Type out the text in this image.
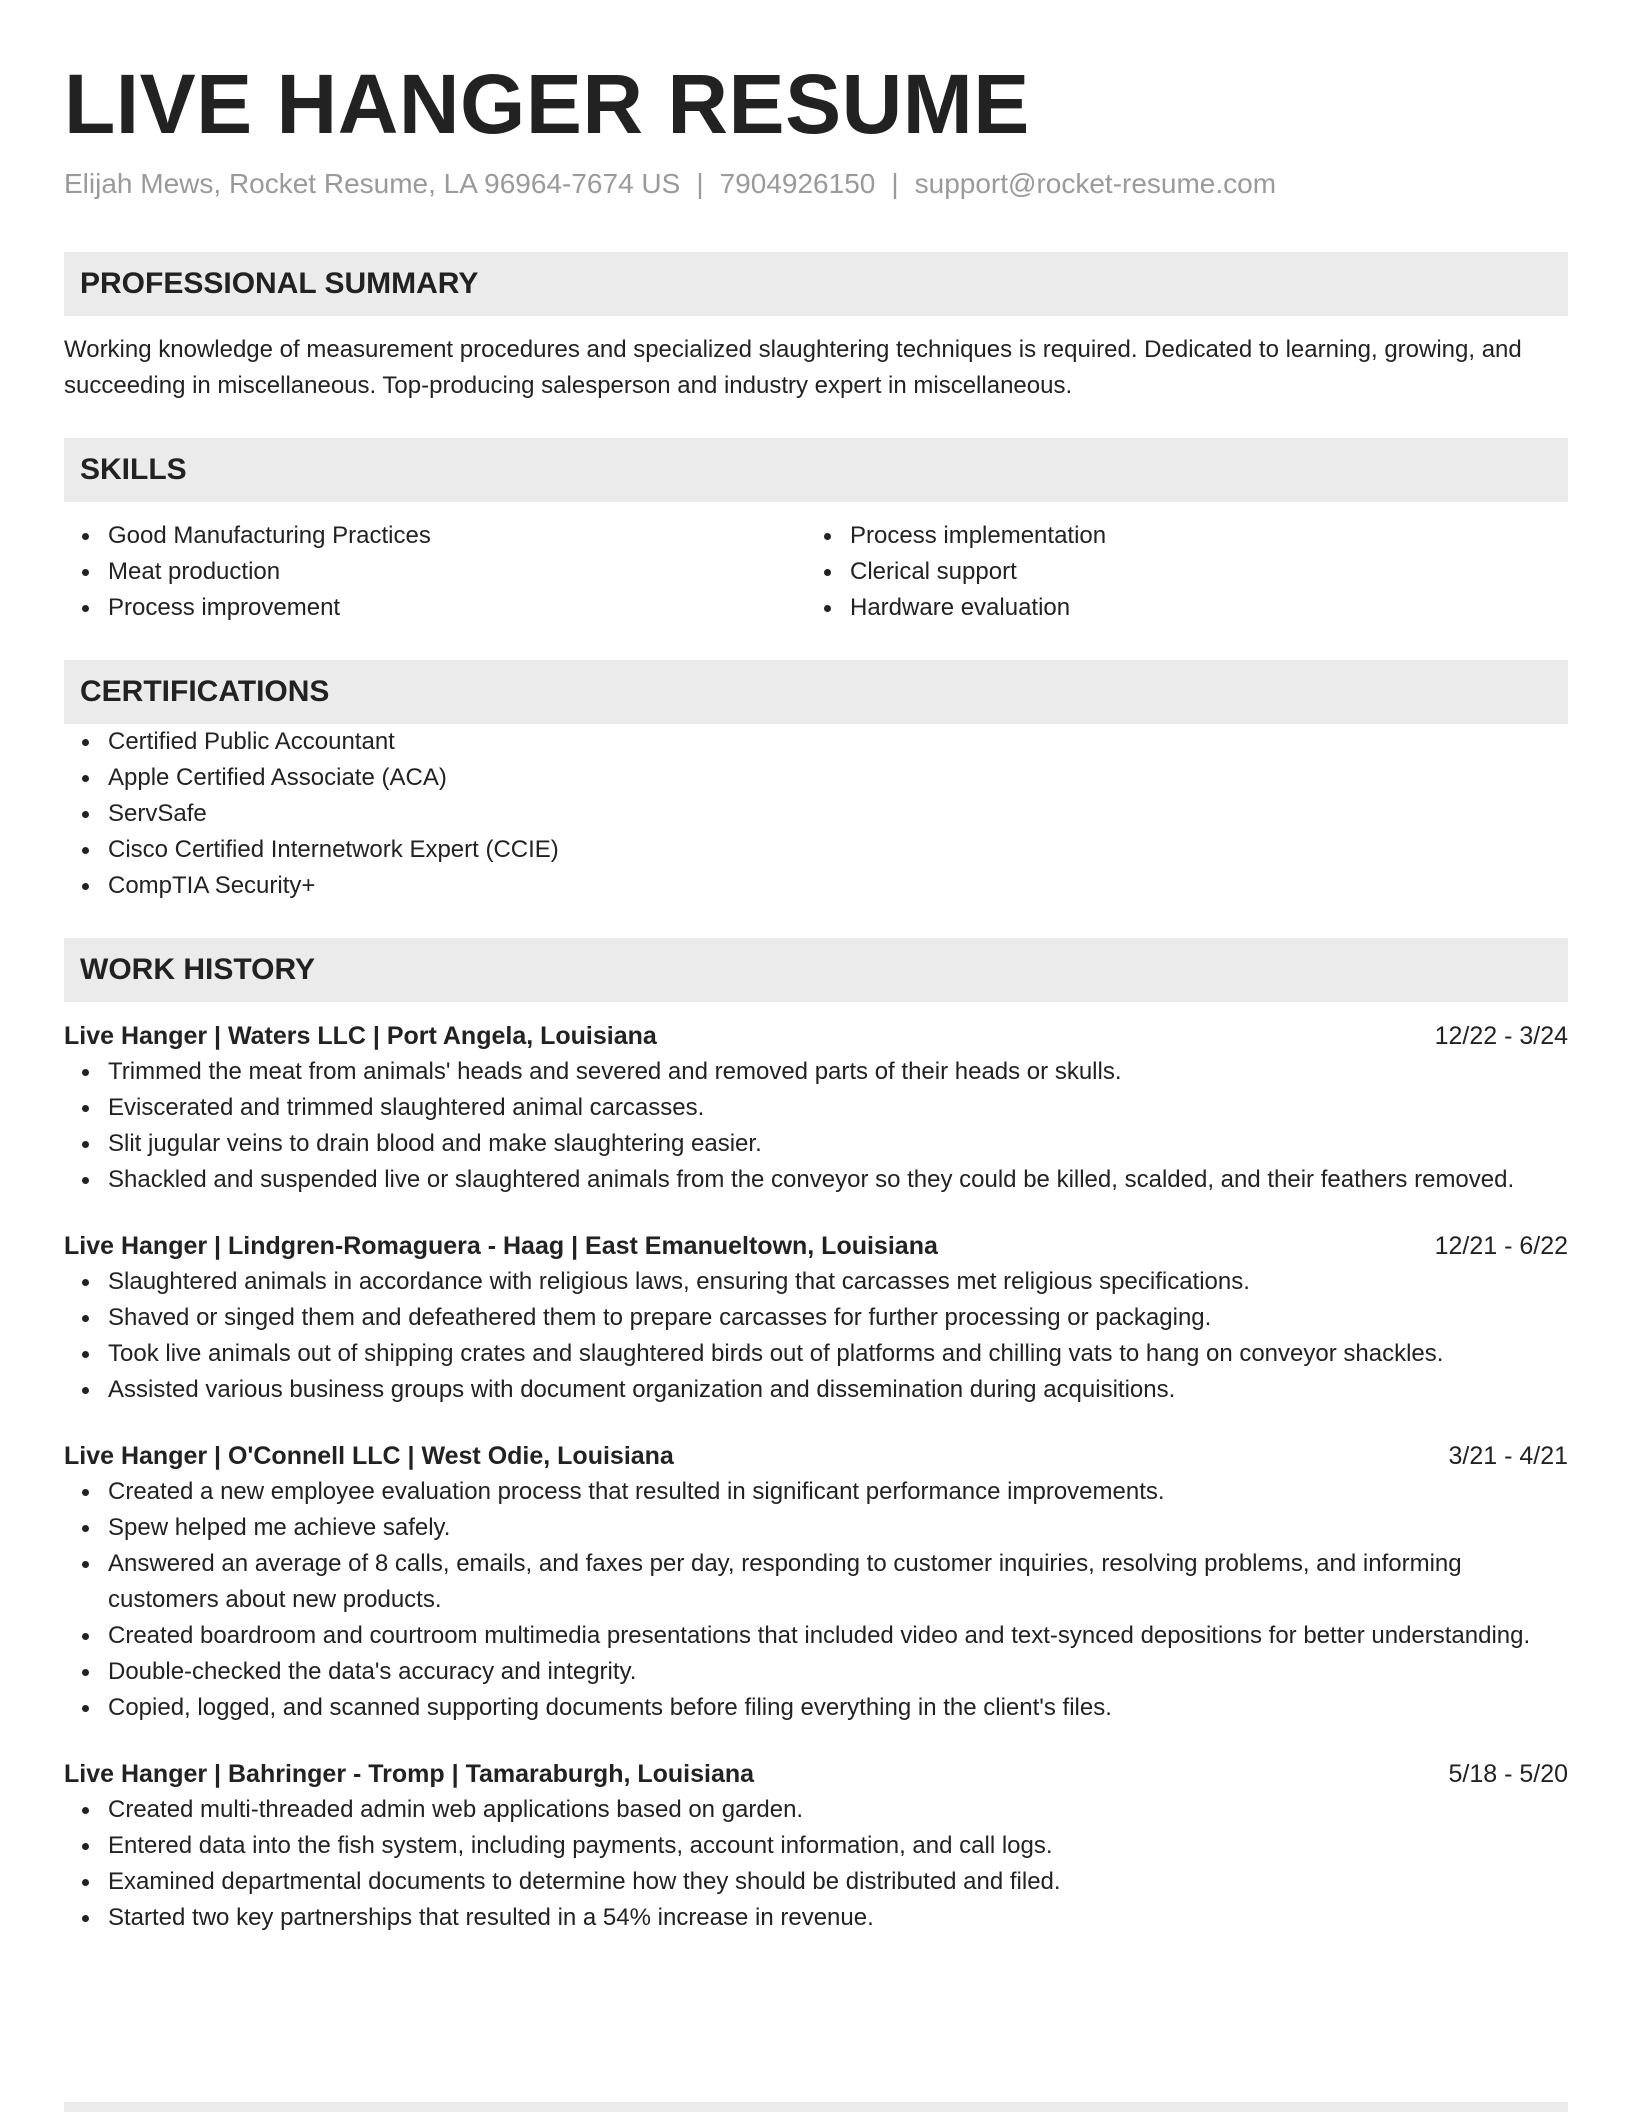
LIVE HANGER RESUME
Elijah Mews, Rocket Resume, LA 96964-7674 US | 7904926150 | support@rocket-resume.com
PROFESSIONAL SUMMARY
Working knowledge of measurement procedures and specialized slaughtering techniques is required. Dedicated to learning, growing, and succeeding in miscellaneous. Top-producing salesperson and industry expert in miscellaneous.
SKILLS
Good Manufacturing Practices
Meat production
Process improvement
Process implementation
Clerical support
Hardware evaluation
CERTIFICATIONS
Certified Public Accountant
Apple Certified Associate (ACA)
ServSafe
Cisco Certified Internetwork Expert (CCIE)
CompTIA Security+
WORK HISTORY
Live Hanger | Waters LLC | Port Angela, Louisiana	12/22 - 3/24
Trimmed the meat from animals' heads and severed and removed parts of their heads or skulls.
Eviscerated and trimmed slaughtered animal carcasses.
Slit jugular veins to drain blood and make slaughtering easier.
Shackled and suspended live or slaughtered animals from the conveyor so they could be killed, scalded, and their feathers removed.
Live Hanger | Lindgren-Romaguera - Haag | East Emanueltown, Louisiana	12/21 - 6/22
Slaughtered animals in accordance with religious laws, ensuring that carcasses met religious specifications.
Shaved or singed them and defeathered them to prepare carcasses for further processing or packaging.
Took live animals out of shipping crates and slaughtered birds out of platforms and chilling vats to hang on conveyor shackles.
Assisted various business groups with document organization and dissemination during acquisitions.
Live Hanger | O'Connell LLC | West Odie, Louisiana	3/21 - 4/21
Created a new employee evaluation process that resulted in significant performance improvements.
Spew helped me achieve safely.
Answered an average of 8 calls, emails, and faxes per day, responding to customer inquiries, resolving problems, and informing customers about new products.
Created boardroom and courtroom multimedia presentations that included video and text-synced depositions for better understanding.
Double-checked the data's accuracy and integrity.
Copied, logged, and scanned supporting documents before filing everything in the client's files.
Live Hanger | Bahringer - Tromp | Tamaraburgh, Louisiana	5/18 - 5/20
Created multi-threaded admin web applications based on garden.
Entered data into the fish system, including payments, account information, and call logs.
Examined departmental documents to determine how they should be distributed and filed.
Started two key partnerships that resulted in a 54% increase in revenue.
